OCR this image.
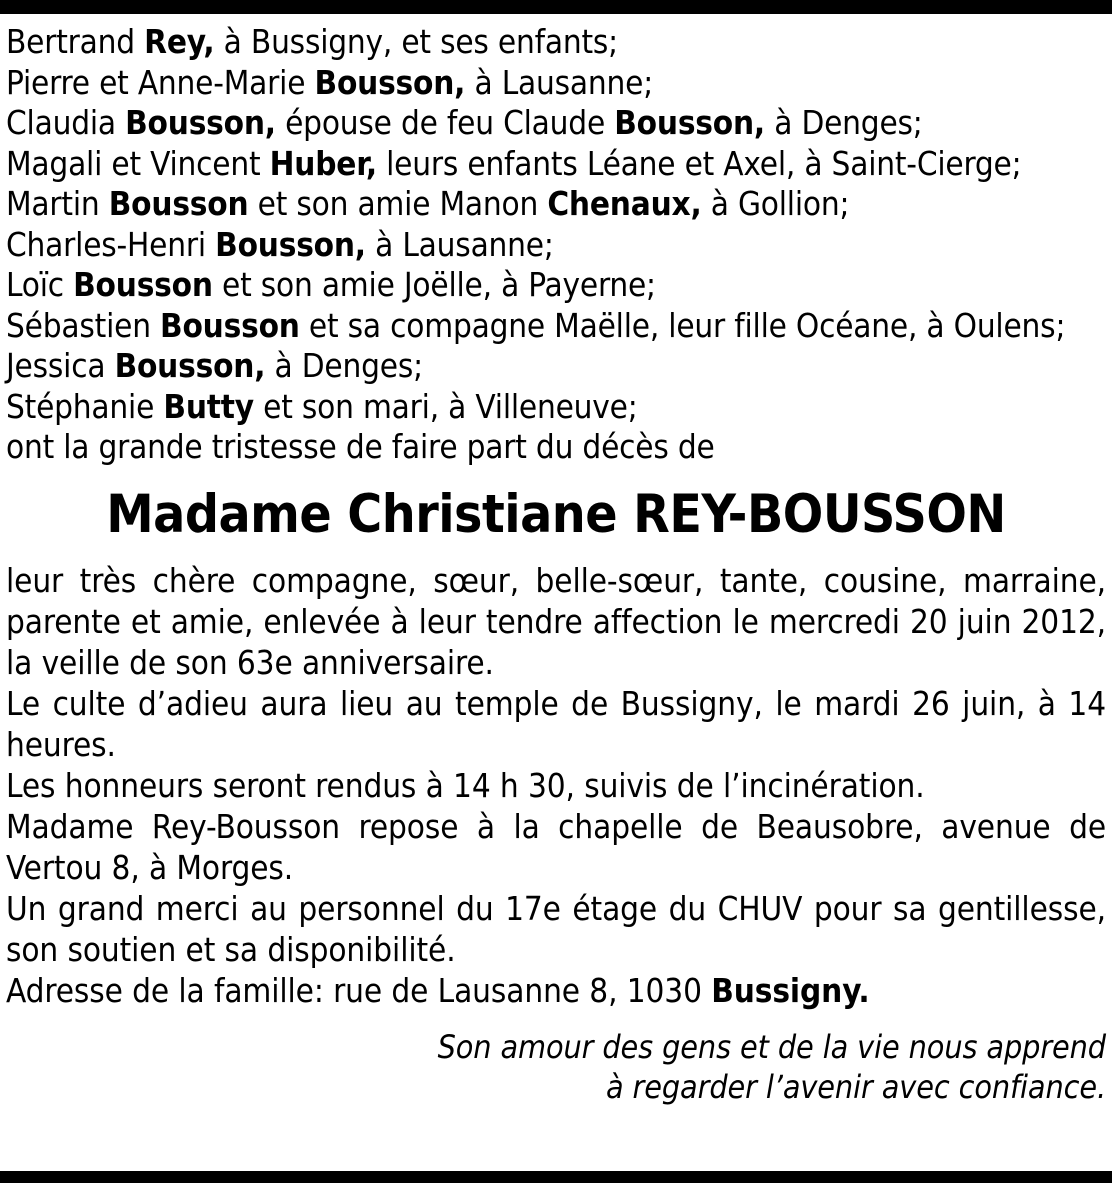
Bertrand Rey, à Bussigny, et ses enfants;
Pierre et Anne-Marie Bousson, à Lausanne;
Claudia Bousson, épouse de feu Claude Bousson, à Denges;
Magali et Vincent Huber, leurs enfants Léane et Axel, à Saint-Cierge;
Martin Bousson et son amie Manon Chenaux, à Gollion;
Charles-Henri Bousson, à Lausanne;
Loïc Bousson et son amie Joëlle, à Payerne;
Sébastien Bousson et sa compagne Maëlle, leur fille Océane, à Oulens;
Jessica Bousson, à Denges;
Stéphanie Butty et son mari, à Villeneuve;
ont la grande tristesse de faire part du décès de
Madame Christiane REY-BOUSSON

leur très chère compagne, sœur, belle-sœur, tante, cousine, marraine, parente et amie, enlevée à leur tendre affection le mercredi 20 juin 2012, la veille de son 63e anniversaire.

Le culte d’adieu aura lieu au temple de Bussigny, le mardi 26 juin, à 14 heures.

Les honneurs seront rendus à 14 h 30, suivis de l’incinération.

Madame Rey-Bousson repose à la chapelle de Beausobre, avenue de Vertou 8, à Morges.

Un grand merci au personnel du 17e étage du CHUV pour sa gentillesse, son soutien et sa disponibilité.

Adresse de la famille: rue de Lausanne 8, 1030 Bussigny.

Son amour des gens et de la vie nous apprend
à regarder l’avenir avec confiance.
